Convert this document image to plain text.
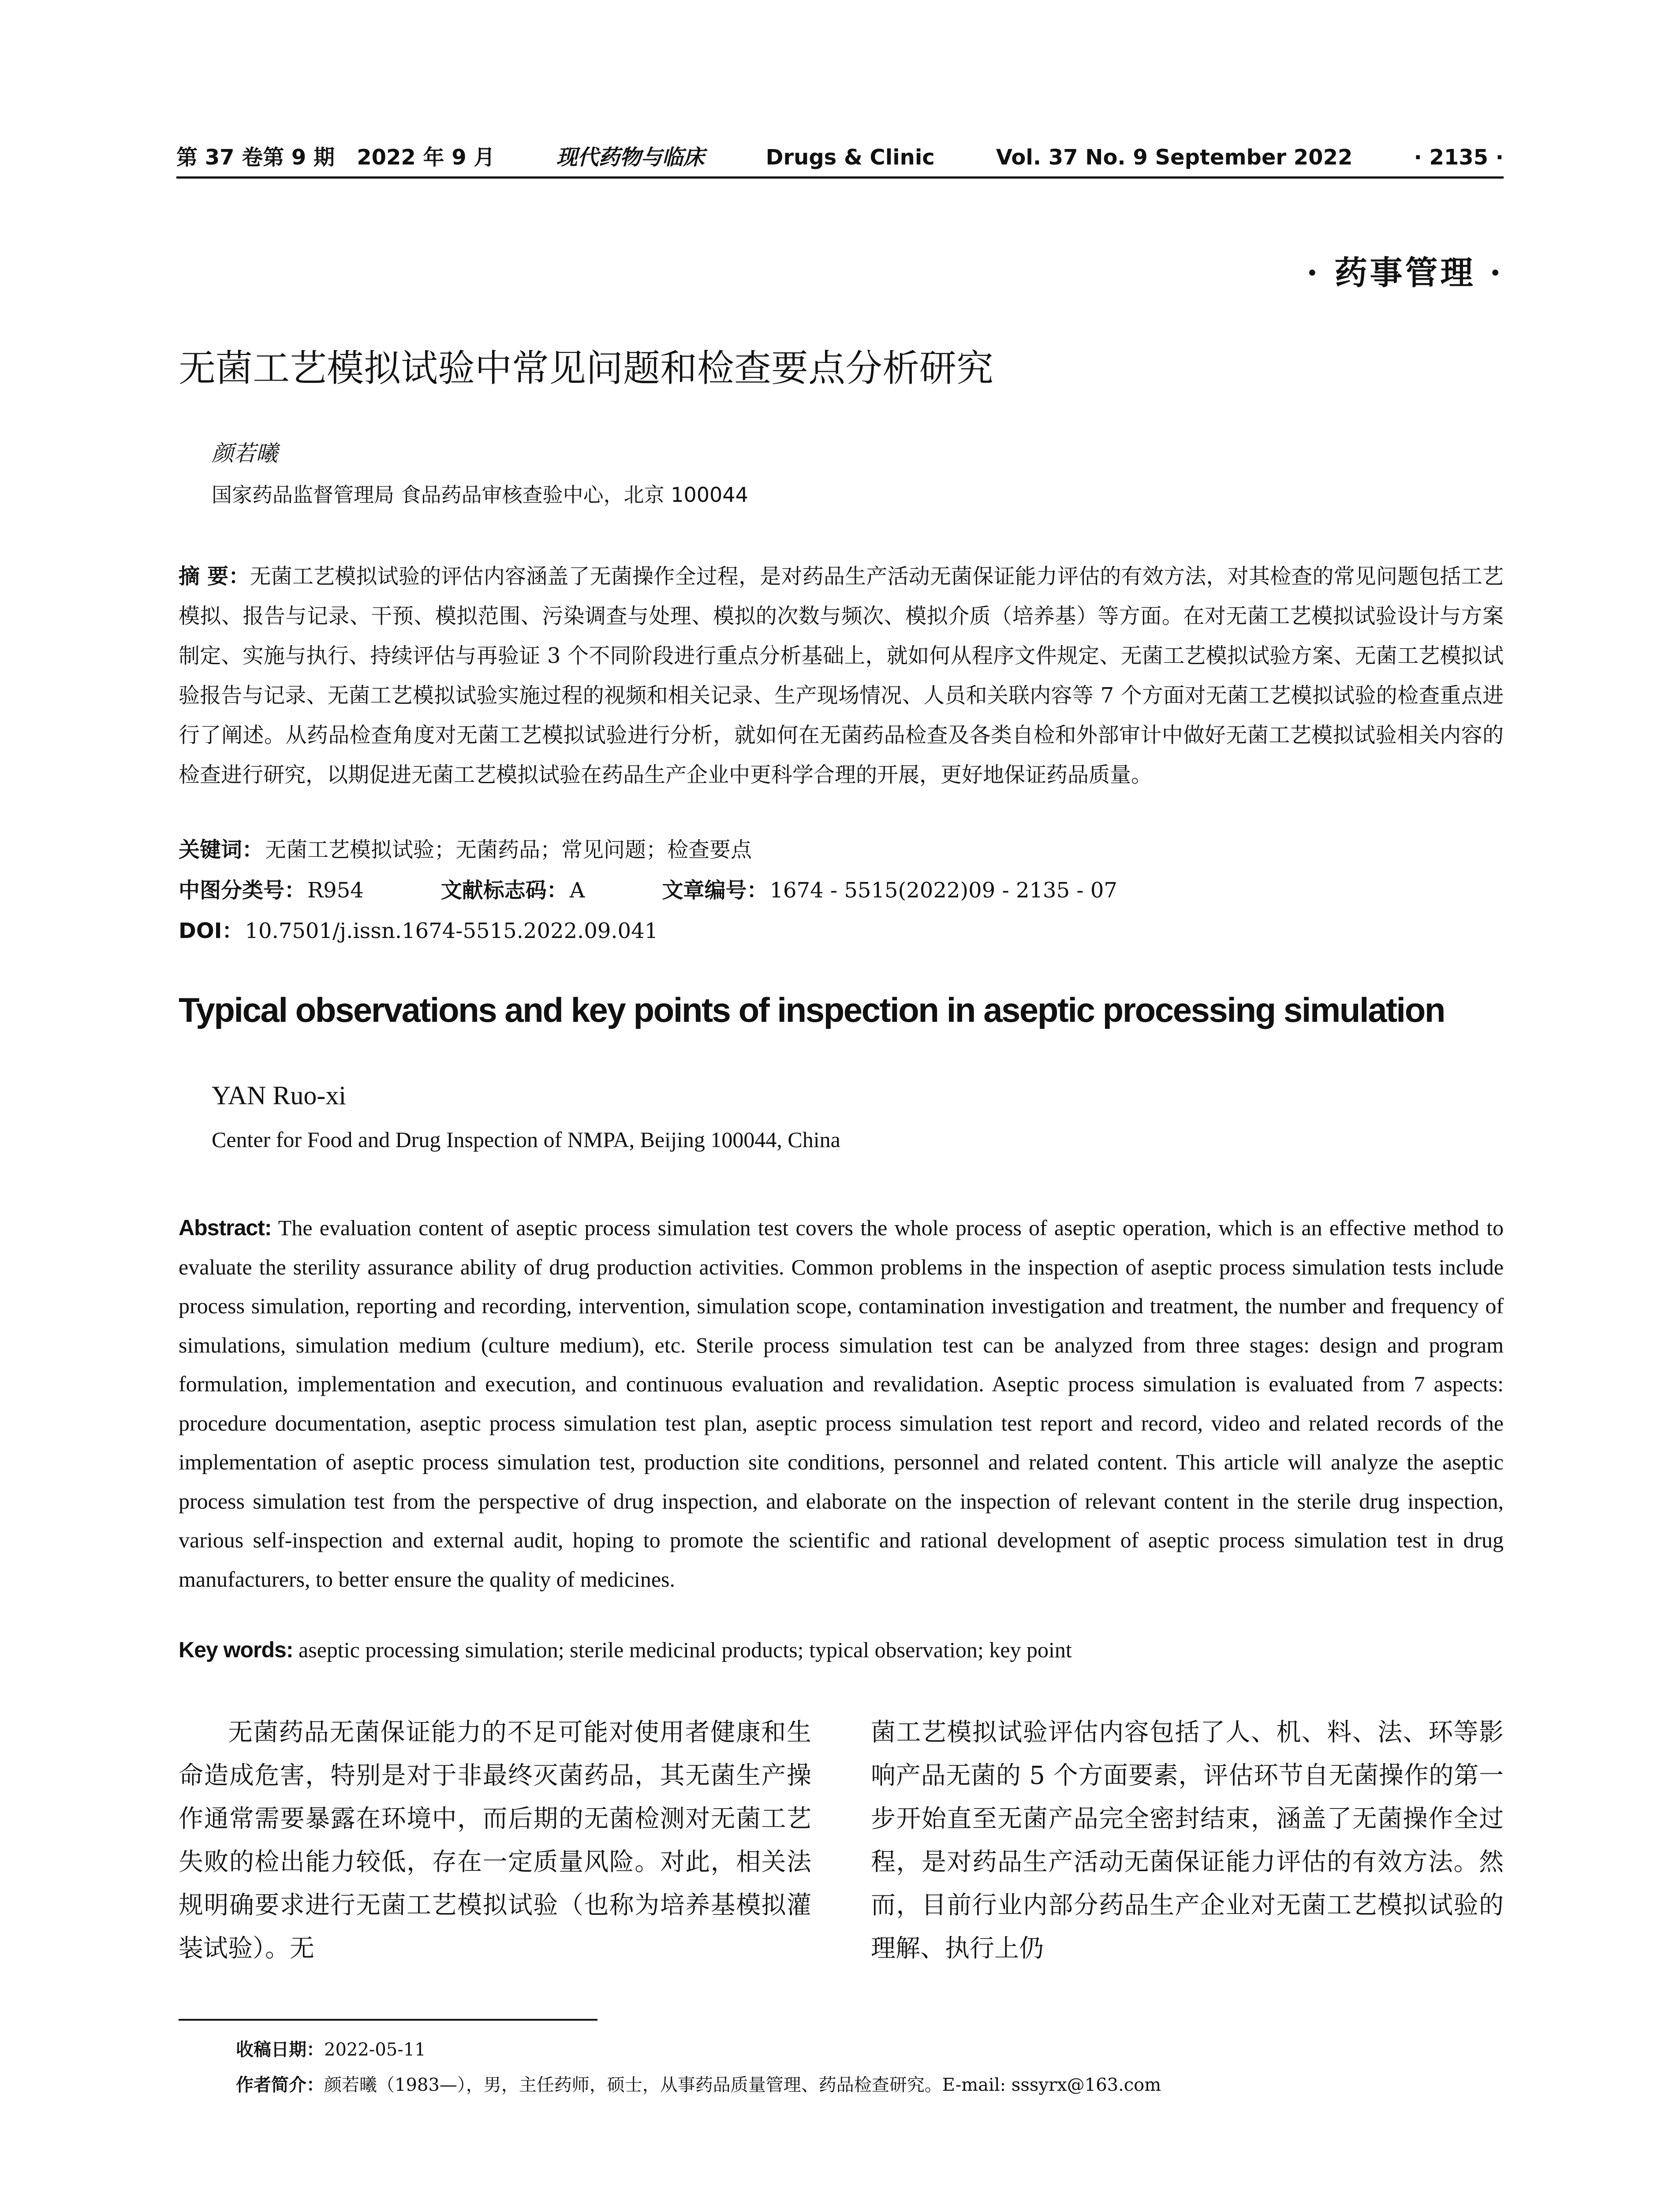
第 37 卷第 9 期 2022 年 9 月	现代药物与临床	Drugs & Clinic	Vol. 37 No. 9 September 2022	· 2135 ·
· 药事管理 ·
无菌工艺模拟试验中常见问题和检查要点分析研究
颜若曦
国家药品监督管理局 食品药品审核查验中心，北京 100044

摘 要：无菌工艺模拟试验的评估内容涵盖了无菌操作全过程，是对药品生产活动无菌保证能力评估的有效方法，对其检查的常见问题包括工艺模拟、报告与记录、干预、模拟范围、污染调查与处理、模拟的次数与频次、模拟介质（培养基）等方面。在对无菌工艺模拟试验设计与方案制定、实施与执行、持续评估与再验证 3 个不同阶段进行重点分析基础上，就如何从程序文件规定、无菌工艺模拟试验方案、无菌工艺模拟试验报告与记录、无菌工艺模拟试验实施过程的视频和相关记录、生产现场情况、人员和关联内容等 7 个方面对无菌工艺模拟试验的检查重点进行了阐述。从药品检查角度对无菌工艺模拟试验进行分析，就如何在无菌药品检查及各类自检和外部审计中做好无菌工艺模拟试验相关内容的检查进行研究，以期促进无菌工艺模拟试验在药品生产企业中更科学合理的开展，更好地保证药品质量。

关键词：无菌工艺模拟试验；无菌药品；常见问题；检查要点
中图分类号：R954	文献标志码：A	文章编号：1674 - 5515(2022)09 - 2135 - 07
DOI：10.7501/j.issn.1674-5515.2022.09.041
Typical observations and key points of inspection in aseptic processing simulation
YAN Ruo-xi
Center for Food and Drug Inspection of NMPA, Beijing 100044, China

Abstract: The evaluation content of aseptic process simulation test covers the whole process of aseptic operation, which is an effective method to evaluate the sterility assurance ability of drug production activities. Common problems in the inspection of aseptic process simulation tests include process simulation, reporting and recording, intervention, simulation scope, contamination investigation and treatment, the number and frequency of simulations, simulation medium (culture medium), etc. Sterile process simulation test can be analyzed from three stages: design and program formulation, implementation and execution, and continuous evaluation and revalidation. Aseptic process simulation is evaluated from 7 aspects: procedure documentation, aseptic process simulation test plan, aseptic process simulation test report and record, video and related records of the implementation of aseptic process simulation test, production site conditions, personnel and related content. This article will analyze the aseptic process simulation test from the perspective of drug inspection, and elaborate on the inspection of relevant content in the sterile drug inspection, various self-inspection and external audit, hoping to promote the scientific and rational development of aseptic process simulation test in drug manufacturers, to better ensure the quality of medicines.

Key words: aseptic processing simulation; sterile medicinal products; typical observation; key point

无菌药品无菌保证能力的不足可能对使用者健康和生命造成危害，特别是对于非最终灭菌药品，其无菌生产操作通常需要暴露在环境中，而后期的无菌检测对无菌工艺失败的检出能力较低，存在一定质量风险。对此，相关法规明确要求进行无菌工艺模拟试验（也称为培养基模拟灌装试验）。无

菌工艺模拟试验评估内容包括了人、机、料、法、环等影响产品无菌的 5 个方面要素，评估环节自无菌操作的第一步开始直至无菌产品完全密封结束，涵盖了无菌操作全过程，是对药品生产活动无菌保证能力评估的有效方法。然而，目前行业内部分药品生产企业对无菌工艺模拟试验的理解、执行上仍

收稿日期：2022-05-11
作者简介：颜若曦（1983—），男，主任药师，硕士，从事药品质量管理、药品检查研究。E-mail: sssyrx@163.com
